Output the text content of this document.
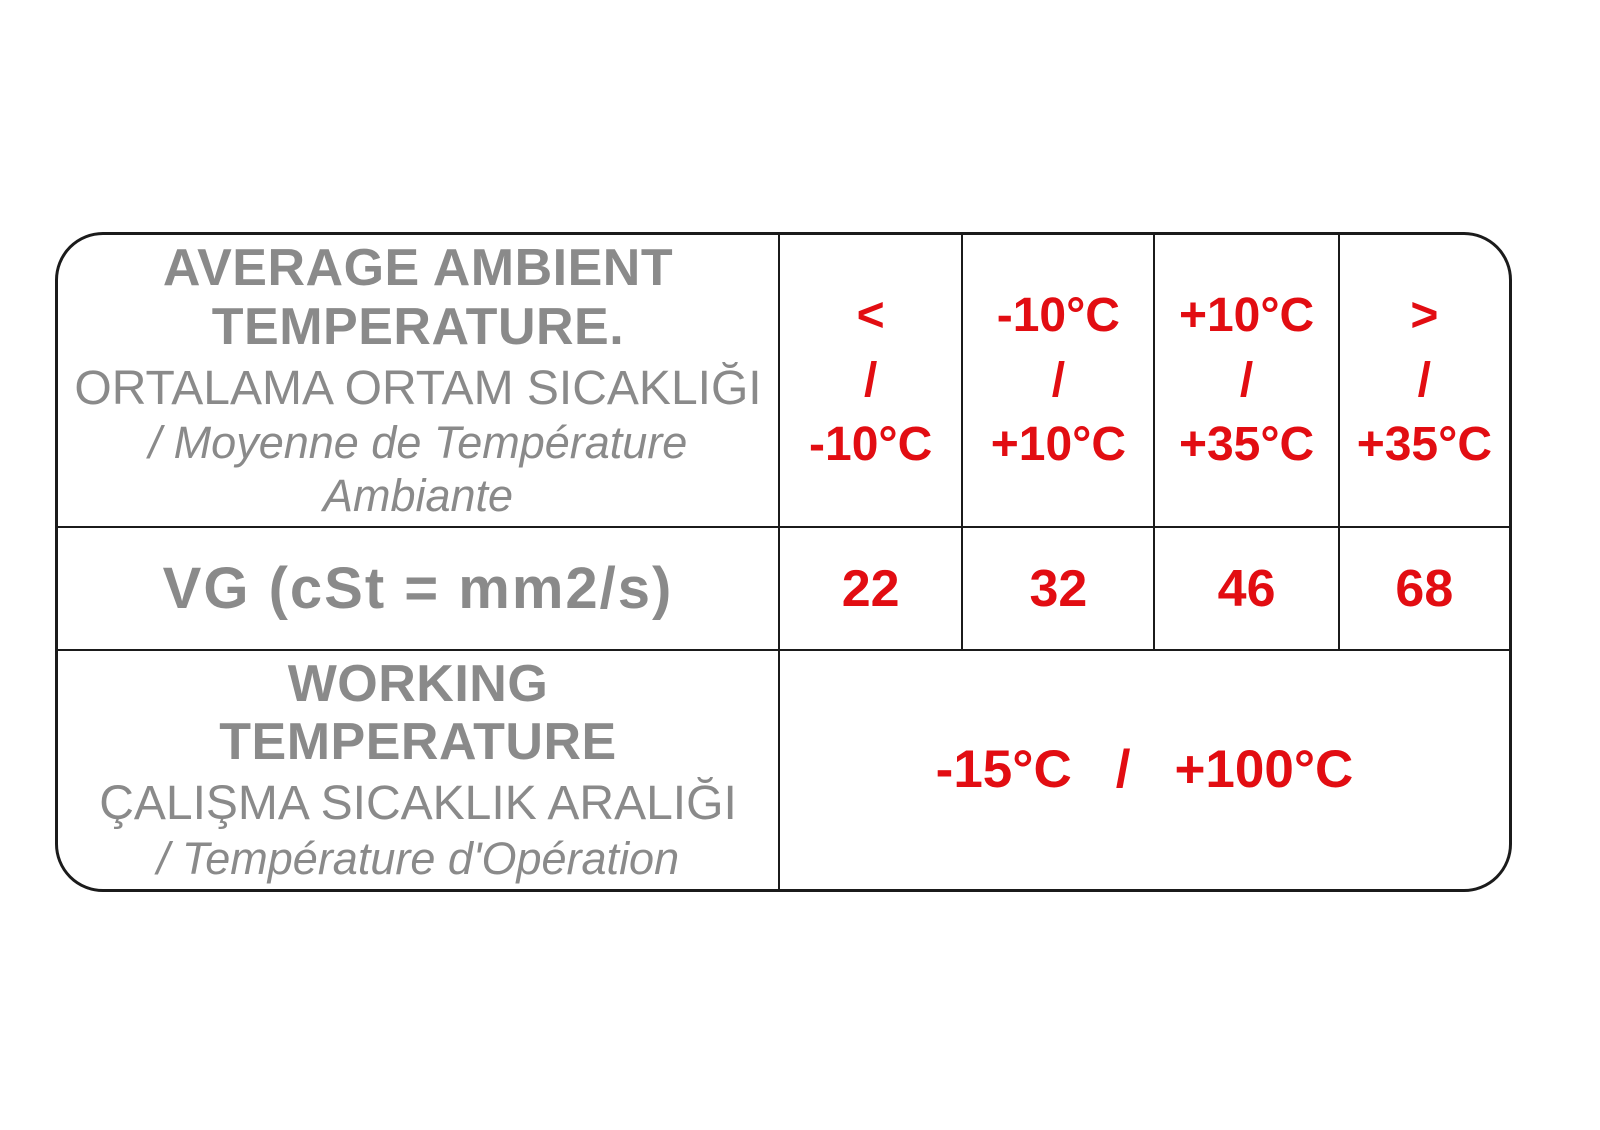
AVERAGE AMBIENT
TEMPERATURE.
ORTALAMA ORTAM SICAKLIĞI
/ Moyenne de Température
Ambiante
<
/
-10°C
-10°C
/
+10°C
+10°C
/
+35°C
>
/
+35°C
VG (cSt = mm2/s)	22 32	46 68
WORKING
TEMPERATURE
ÇALIŞMA SICAKLIK ARALIĞI
/ Température d'Opération
-15°C / +100°C
